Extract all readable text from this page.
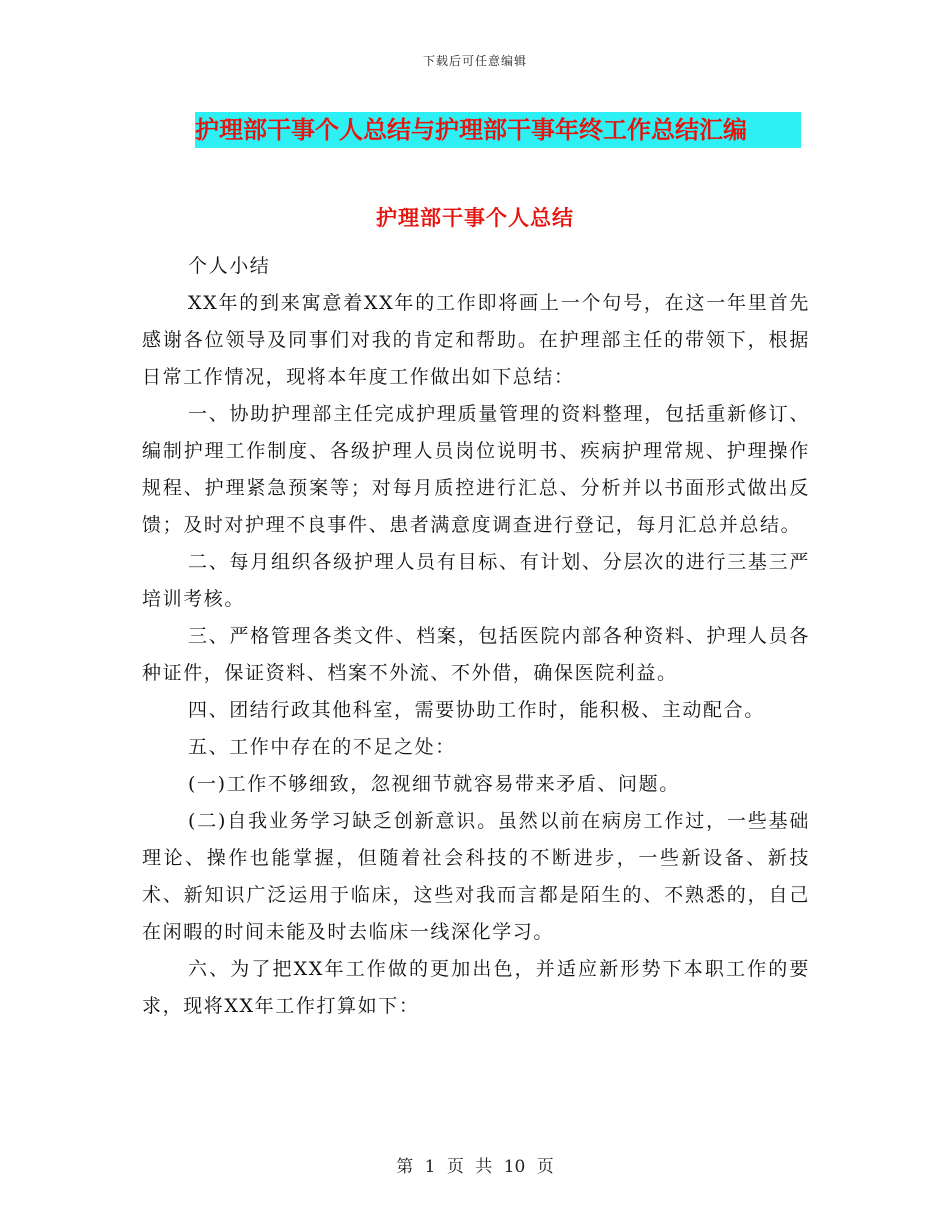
下载后可任意编辑
护理部干事个人总结与护理部干事年终工作总结汇编
护理部干事个人总结

个人小结

XX年的到来寓意着XX年的工作即将画上一个句号，在这一年里首先感谢各位领导及同事们对我的肯定和帮助。在护理部主任的带领下，根据日常工作情况，现将本年度工作做出如下总结：

一、协助护理部主任完成护理质量管理的资料整理，包括重新修订、编制护理工作制度、各级护理人员岗位说明书、疾病护理常规、护理操作规程、护理紧急预案等；对每月质控进行汇总、分析并以书面形式做出反馈；及时对护理不良事件、患者满意度调查进行登记，每月汇总并总结。

二、每月组织各级护理人员有目标、有计划、分层次的进行三基三严培训考核。

三、严格管理各类文件、档案，包括医院内部各种资料、护理人员各种证件，保证资料、档案不外流、不外借，确保医院利益。

四、团结行政其他科室，需要协助工作时，能积极、主动配合。

五、工作中存在的不足之处：

(一)工作不够细致，忽视细节就容易带来矛盾、问题。

(二)自我业务学习缺乏创新意识。虽然以前在病房工作过，一些基础理论、操作也能掌握，但随着社会科技的不断进步，一些新设备、新技术、新知识广泛运用于临床，这些对我而言都是陌生的、不熟悉的，自己在闲暇的时间未能及时去临床一线深化学习。

六、为了把XX年工作做的更加出色，并适应新形势下本职工作的要求，现将XX年工作打算如下：

第 1 页 共 10 页
